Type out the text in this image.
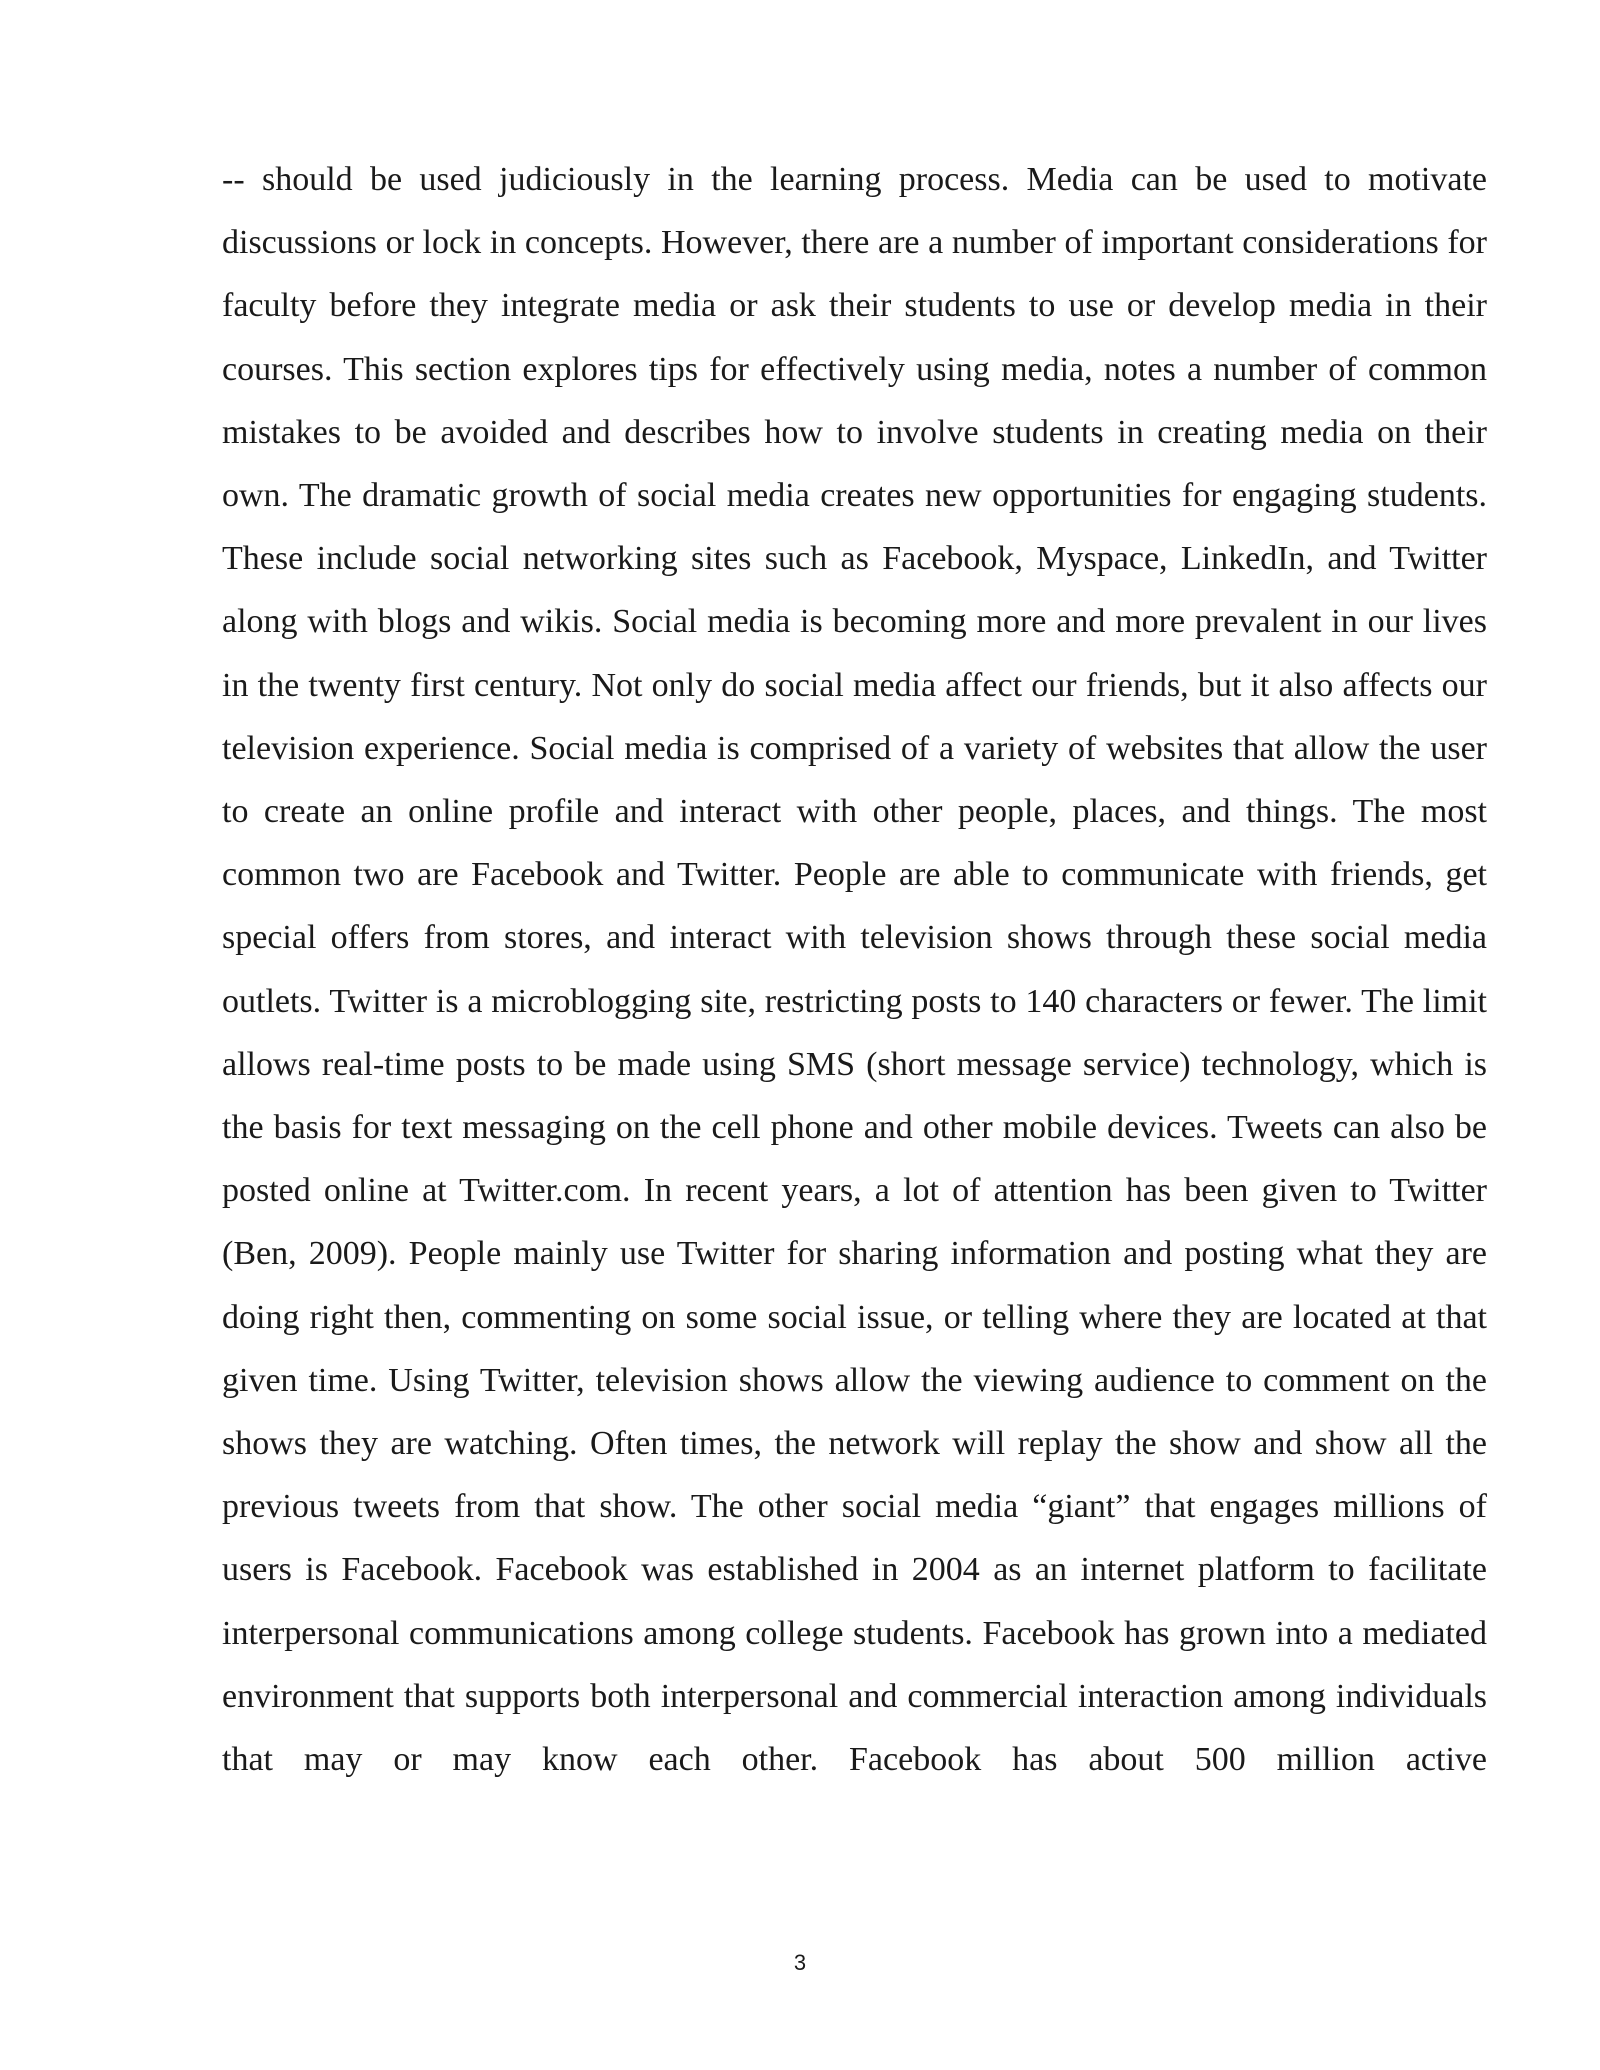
-- should be used judiciously in the learning process. Media can be used to motivate discussions or lock in concepts. However, there are a number of important considerations for faculty before they integrate media or ask their students to use or develop media in their courses. This section explores tips for effectively using media, notes a number of common mistakes to be avoided and describes how to involve students in creating media on their own. The dramatic growth of social media creates new opportunities for engaging students. These include social networking sites such as Facebook, Myspace, LinkedIn, and Twitter along with blogs and wikis. Social media is becoming more and more prevalent in our lives in the twenty first century. Not only do social media affect our friends, but it also affects our television experience. Social media is comprised of a variety of websites that allow the user to create an online profile and interact with other people, places, and things. The most common two are Facebook and Twitter. People are able to communicate with friends, get special offers from stores, and interact with television shows through these social media outlets. Twitter is a microblogging site, restricting posts to 140 characters or fewer. The limit allows real-time posts to be made using SMS (short message service) technology, which is the basis for text messaging on the cell phone and other mobile devices. Tweets can also be posted online at Twitter.com. In recent years, a lot of attention has been given to Twitter (Ben, 2009). People mainly use Twitter for sharing information and posting what they are doing right then, commenting on some social issue, or telling where they are located at that given time. Using Twitter, television shows allow the viewing audience to comment on the shows they are watching. Often times, the network will replay the show and show all the previous tweets from that show. The other social media “giant” that engages millions of users is Facebook. Facebook was established in 2004 as an internet platform to facilitate interpersonal communications among college students. Facebook has grown into a mediated environment that supports both interpersonal and commercial interaction among individuals that may or may know each other. Facebook has about 500 million active

3
